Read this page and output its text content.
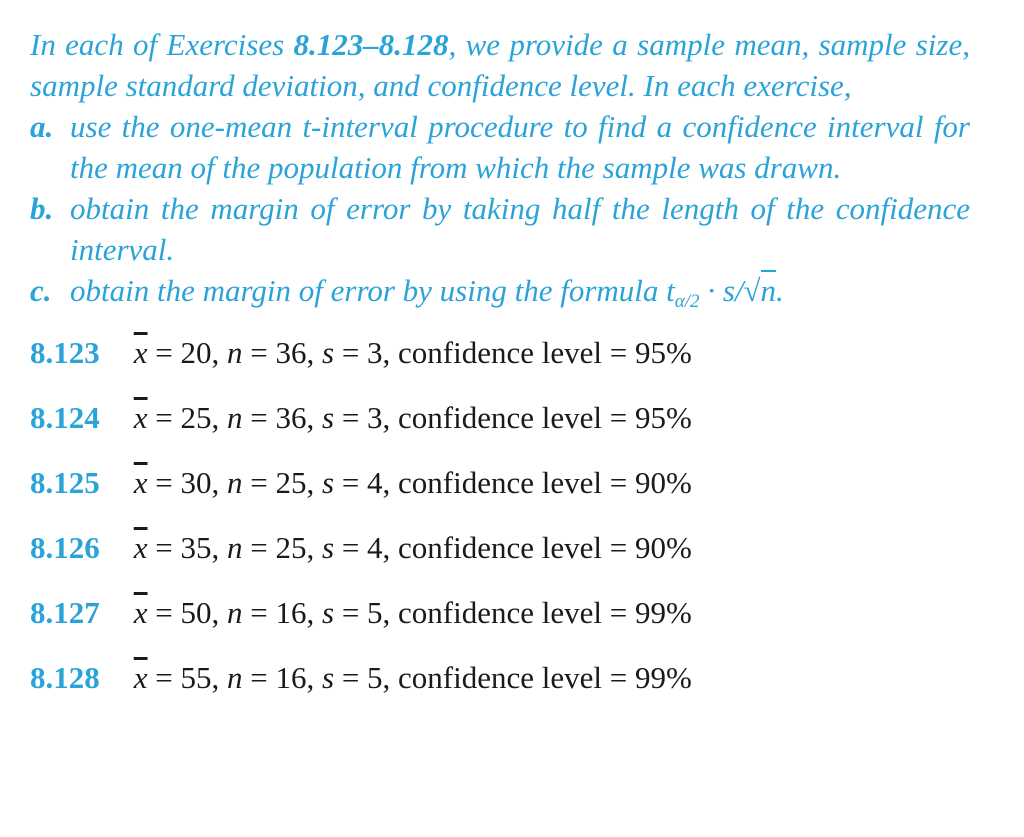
In each of Exercises 8.123–8.128, we provide a sample mean, sample size, sample standard deviation, and confidence level. In each exercise,

a. use the one-mean t-interval procedure to find a confidence interval for the mean of the population from which the sample was drawn.
b. obtain the margin of error by taking half the length of the confidence interval.
c. obtain the margin of error by using the formula $t_{\alpha/2} \cdot s/√n$.
8.123 $\overline{x} = 20$, n = 36, s = 3, confidence level = 95%
8.124 $\overline{x} = 25$, n = 36, s = 3, confidence level = 95%
8.125 $\overline{x} = 30$, n = 25, s = 4, confidence level = 90%
8.126 $\overline{x} = 35$, n = 25, s = 4, confidence level = 90%
8.127 $\overline{x} = 50$, n = 16, s = 5, confidence level = 99%
8.128 $\overline{x} = 55$, n = 16, s = 5, confidence level = 99%
